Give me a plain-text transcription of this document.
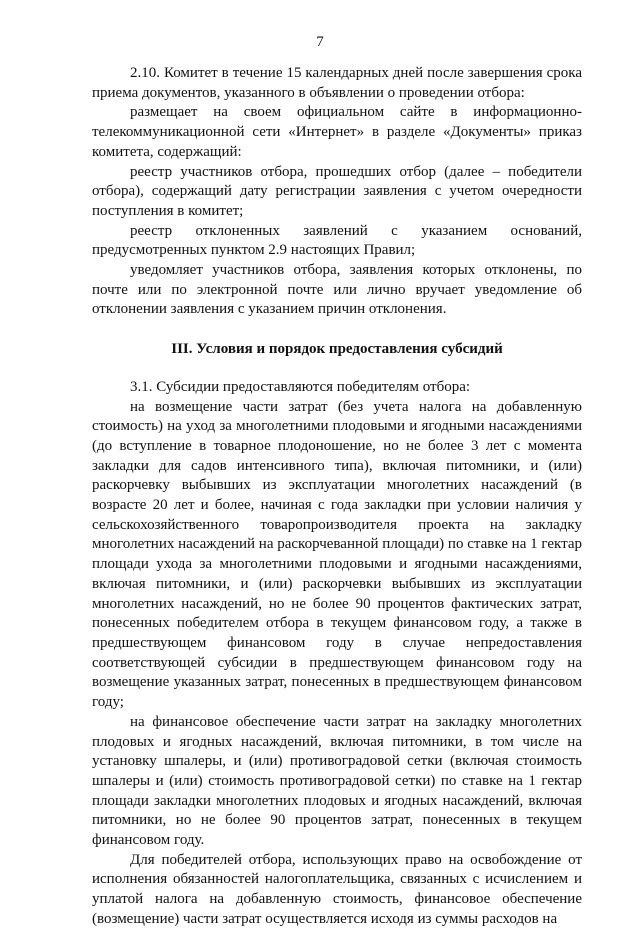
7

2.10. Комитет в течение 15 календарных дней после завершения срока приема документов, указанного в объявлении о проведении отбора:

размещает на своем официальном сайте в информационно-телекоммуникационной сети «Интернет» в разделе «Документы» приказ комитета, содержащий:

реестр участников отбора, прошедших отбор (далее – победители отбора), содержащий дату регистрации заявления с учетом очередности поступления в комитет;

реестр отклоненных заявлений с указанием оснований, предусмотренных пунктом 2.9 настоящих Правил;

уведомляет участников отбора, заявления которых отклонены, по почте или по электронной почте или лично вручает уведомление об отклонении заявления с указанием причин отклонения.

III. Условия и порядок предоставления субсидий

3.1. Субсидии предоставляются победителям отбора:

на возмещение части затрат (без учета налога на добавленную стоимость) на уход за многолетними плодовыми и ягодными насаждениями (до вступление в товарное плодоношение, но не более 3 лет с момента закладки для садов интенсивного типа), включая питомники, и (или) раскорчевку выбывших из эксплуатации многолетних насаждений (в возрасте 20 лет и более, начиная с года закладки при условии наличия у сельскохозяйственного товаропроизводителя проекта на закладку многолетних насаждений на раскорчеванной площади) по ставке на 1 гектар площади ухода за многолетними плодовыми и ягодными насаждениями, включая питомники, и (или) раскорчевки выбывших из эксплуатации многолетних насаждений, но не более 90 процентов фактических затрат, понесенных победителем отбора в текущем финансовом году, а также в предшествующем финансовом году в случае непредоставления соответствующей субсидии в предшествующем финансовом году на возмещение указанных затрат, понесенных в предшествующем финансовом году;

на финансовое обеспечение части затрат на закладку многолетних плодовых и ягодных насаждений, включая питомники, в том числе на установку шпалеры, и (или) противоградовой сетки (включая стоимость шпалеры и (или) стоимость противоградовой сетки) по ставке на 1 гектар площади закладки многолетних плодовых и ягодных насаждений, включая питомники, но не более 90 процентов затрат, понесенных в текущем финансовом году.

Для победителей отбора, использующих право на освобождение от исполнения обязанностей налогоплательщика, связанных с исчислением и уплатой налога на добавленную стоимость, финансовое обеспечение (возмещение) части затрат осуществляется исходя из суммы расходов на
